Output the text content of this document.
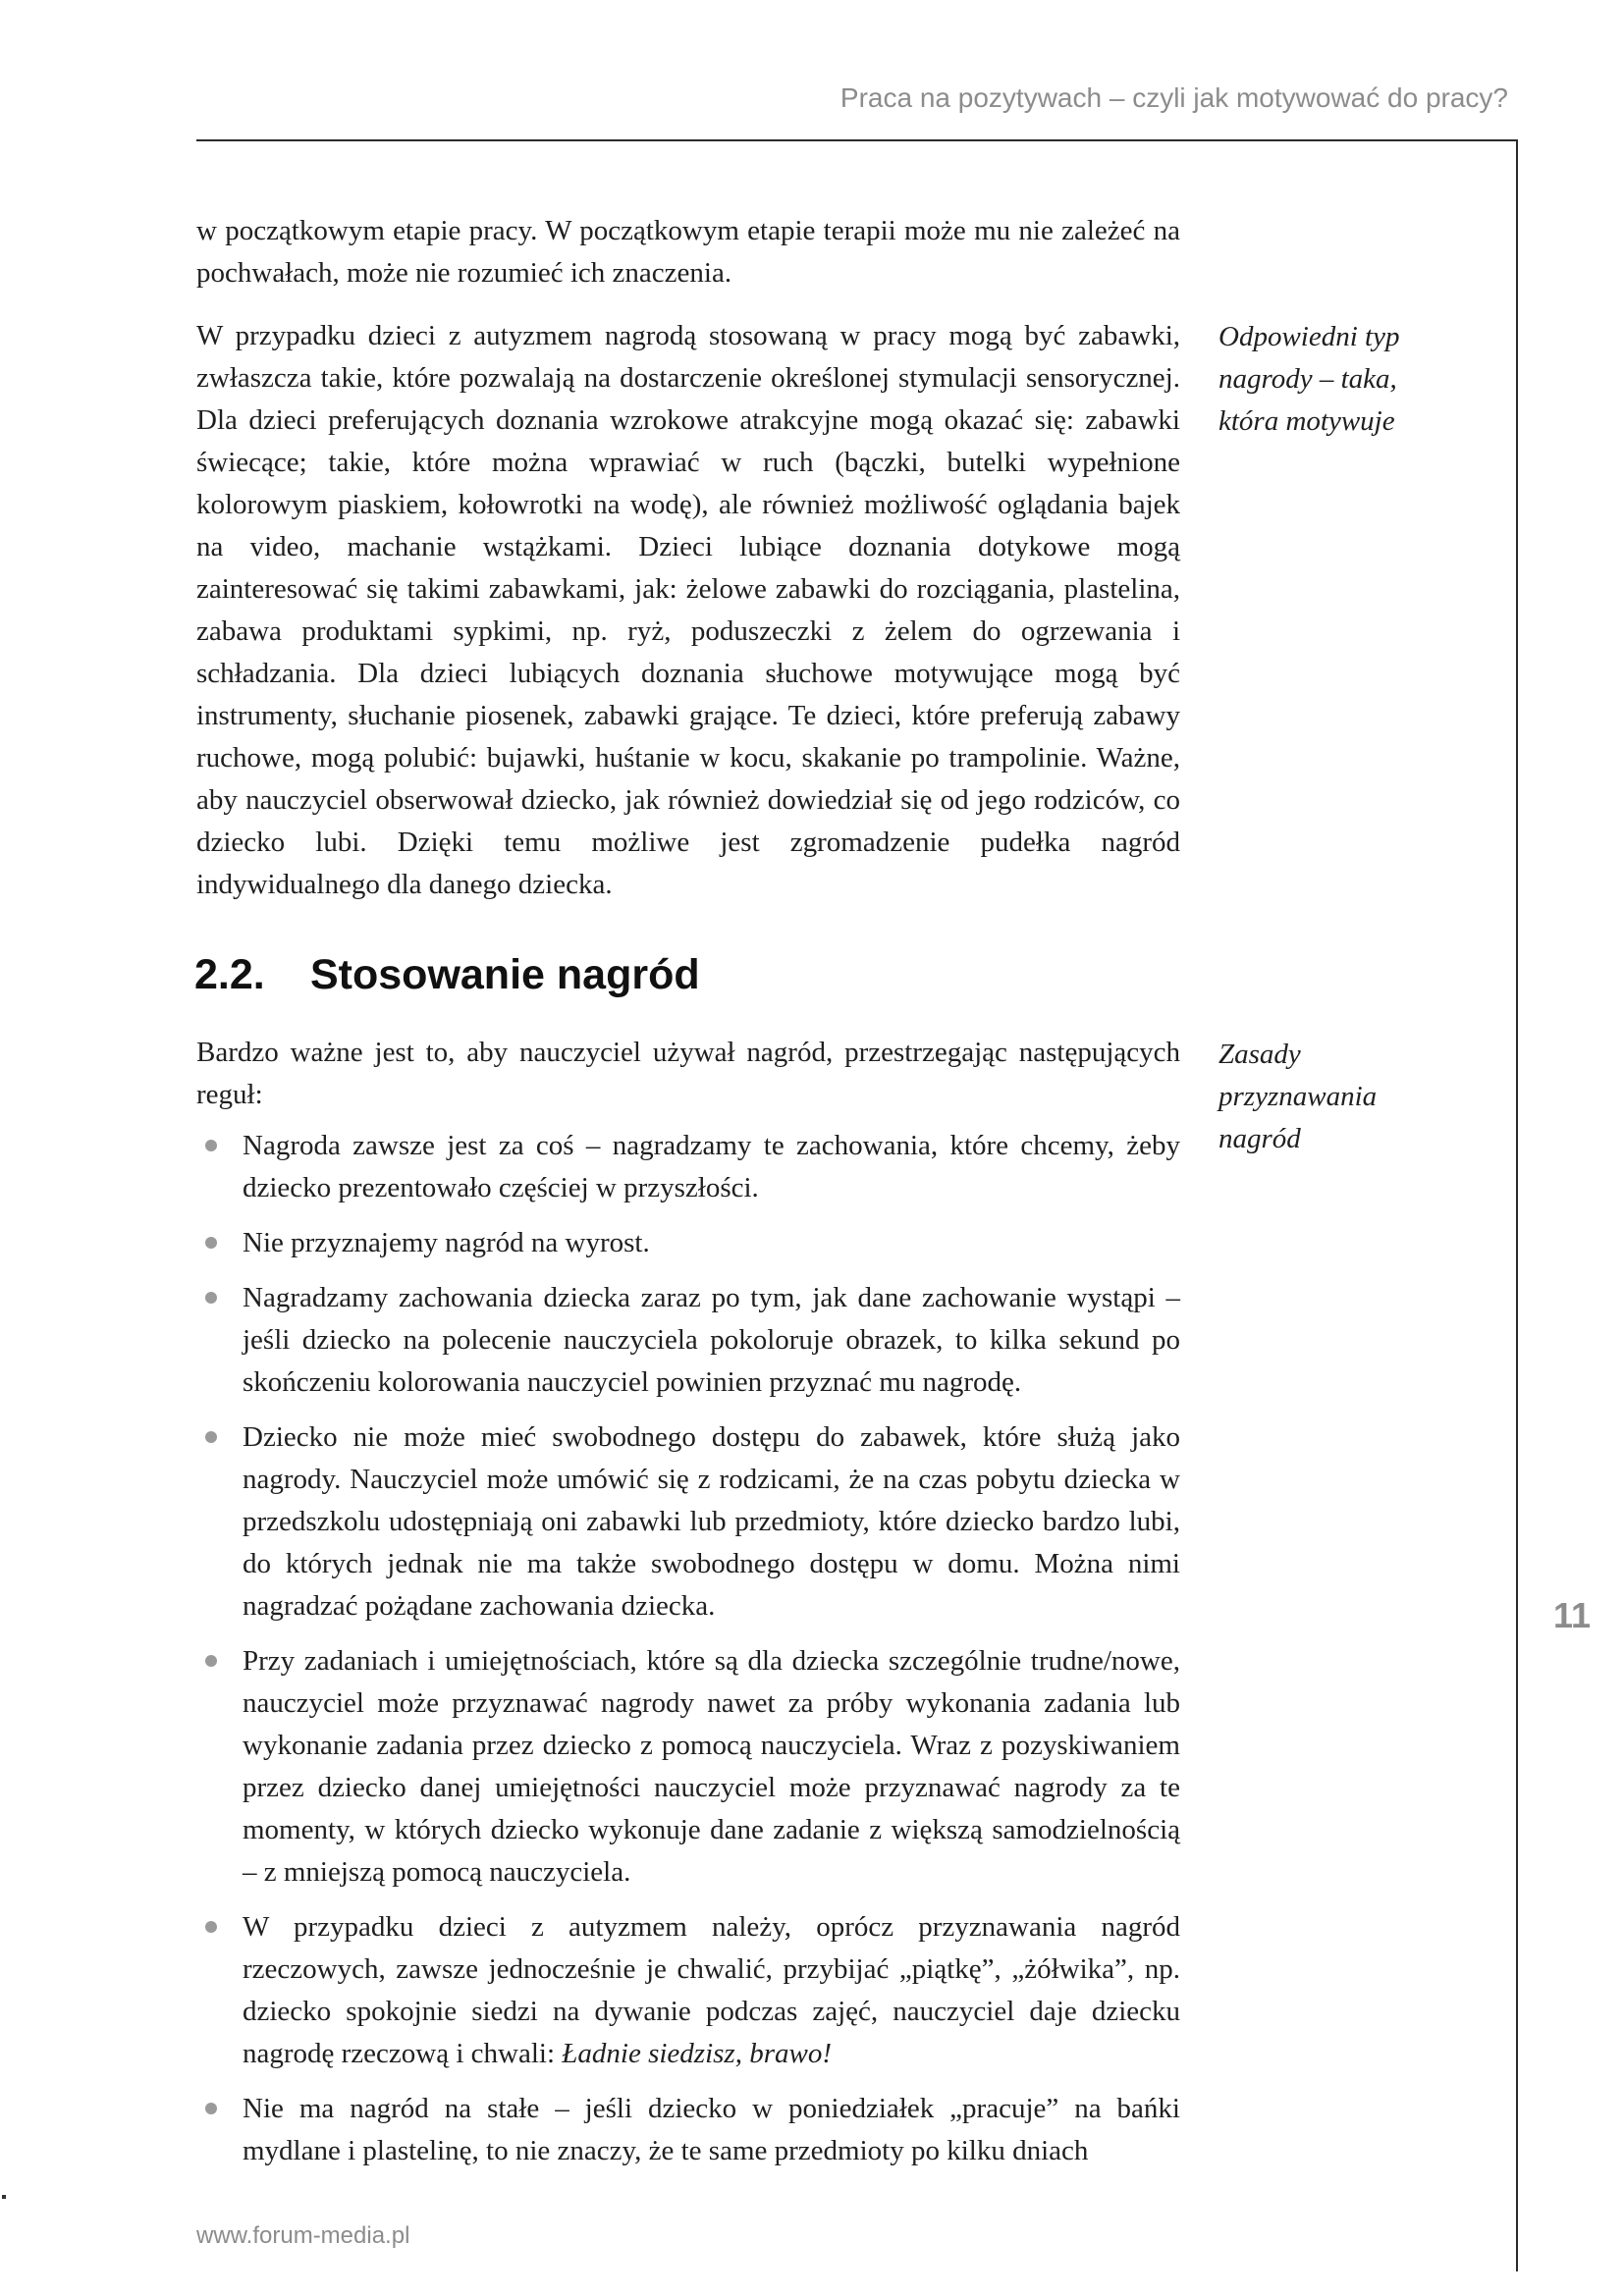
Praca na pozytywach – czyli jak motywować do pracy?

w początkowym etapie pracy. W początkowym etapie terapii może mu nie zależeć na pochwałach, może nie rozumieć ich znaczenia.

W przypadku dzieci z autyzmem nagrodą stosowaną w pracy mogą być zabawki, zwłaszcza takie, które pozwalają na dostarczenie określonej stymulacji sensorycznej. Dla dzieci preferujących doznania wzrokowe atrakcyjne mogą okazać się: zabawki świecące; takie, które można wprawiać w ruch (bączki, butelki wypełnione kolorowym piaskiem, kołowrotki na wodę), ale również możliwość oglądania bajek na video, machanie wstążkami. Dzieci lubiące doznania dotykowe mogą zainteresować się takimi zabawkami, jak: żelowe zabawki do rozciągania, plastelina, zabawa produktami sypkimi, np. ryż, poduszeczki z żelem do ogrzewania i schładzania. Dla dzieci lubiących doznania słuchowe motywujące mogą być instrumenty, słuchanie piosenek, zabawki grające. Te dzieci, które preferują zabawy ruchowe, mogą polubić: bujawki, huśtanie w kocu, skakanie po trampolinie. Ważne, aby nauczyciel obserwował dziecko, jak również dowiedział się od jego rodziców, co dziecko lubi. Dzięki temu możliwe jest zgromadzenie pudełka nagród indywidualnego dla danego dziecka.

Odpowiedni typ
nagrody – taka,
która motywuje
2.2. Stosowanie nagród
Zasady
przyznawania
nagród

Bardzo ważne jest to, aby nauczyciel używał nagród, przestrzegając następujących reguł:

Nagroda zawsze jest za coś – nagradzamy te zachowania, które chcemy, żeby dziecko prezentowało częściej w przyszłości.
Nie przyznajemy nagród na wyrost.
Nagradzamy zachowania dziecka zaraz po tym, jak dane zachowanie wystąpi – jeśli dziecko na polecenie nauczyciela pokoloruje obrazek, to kilka sekund po skończeniu kolorowania nauczyciel powinien przyznać mu nagrodę.
Dziecko nie może mieć swobodnego dostępu do zabawek, które służą jako nagrody. Nauczyciel może umówić się z rodzicami, że na czas pobytu dziecka w przedszkolu udostępniają oni zabawki lub przedmioty, które dziecko bardzo lubi, do których jednak nie ma także swobodnego dostępu w domu. Można nimi nagradzać pożądane zachowania dziecka.
Przy zadaniach i umiejętnościach, które są dla dziecka szczególnie trudne/nowe, nauczyciel może przyznawać nagrody nawet za próby wykonania zadania lub wykonanie zadania przez dziecko z pomocą nauczyciela. Wraz z pozyskiwaniem przez dziecko danej umiejętności nauczyciel może przyznawać nagrody za te momenty, w których dziecko wykonuje dane zadanie z większą samodzielnością – z mniejszą pomocą nauczyciela.
W przypadku dzieci z autyzmem należy, oprócz przyznawania nagród rzeczowych, zawsze jednocześnie je chwalić, przybijać „piątkę”, „żółwika”, np. dziecko spokojnie siedzi na dywanie podczas zajęć, nauczyciel daje dziecku nagrodę rzeczową i chwali: Ładnie siedzisz, brawo!
Nie ma nagród na stałe – jeśli dziecko w poniedziałek „pracuje” na bańki mydlane i plastelinę, to nie znaczy, że te same przedmioty po kilku dniach
11
www.forum-media.pl
